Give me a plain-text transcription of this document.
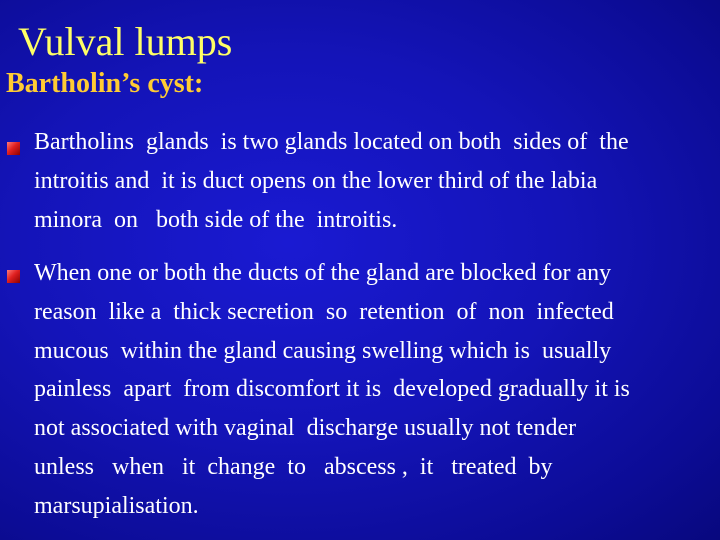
Vulval lumps
Bartholin’s cyst:

Bartholins  glands  is two glands located on both  sides of  the
introitis and  it is duct opens on the lower third of the labia
minora  on   both side of the  introitis.

When one or both the ducts of the gland are blocked for any
reason  like a  thick secretion  so  retention  of  non  infected
mucous  within the gland causing swelling which is  usually
painless  apart  from discomfort it is  developed gradually it is
not associated with vaginal  discharge usually not tender
unless   when   it  change  to   abscess ,  it   treated  by
marsupialisation.
